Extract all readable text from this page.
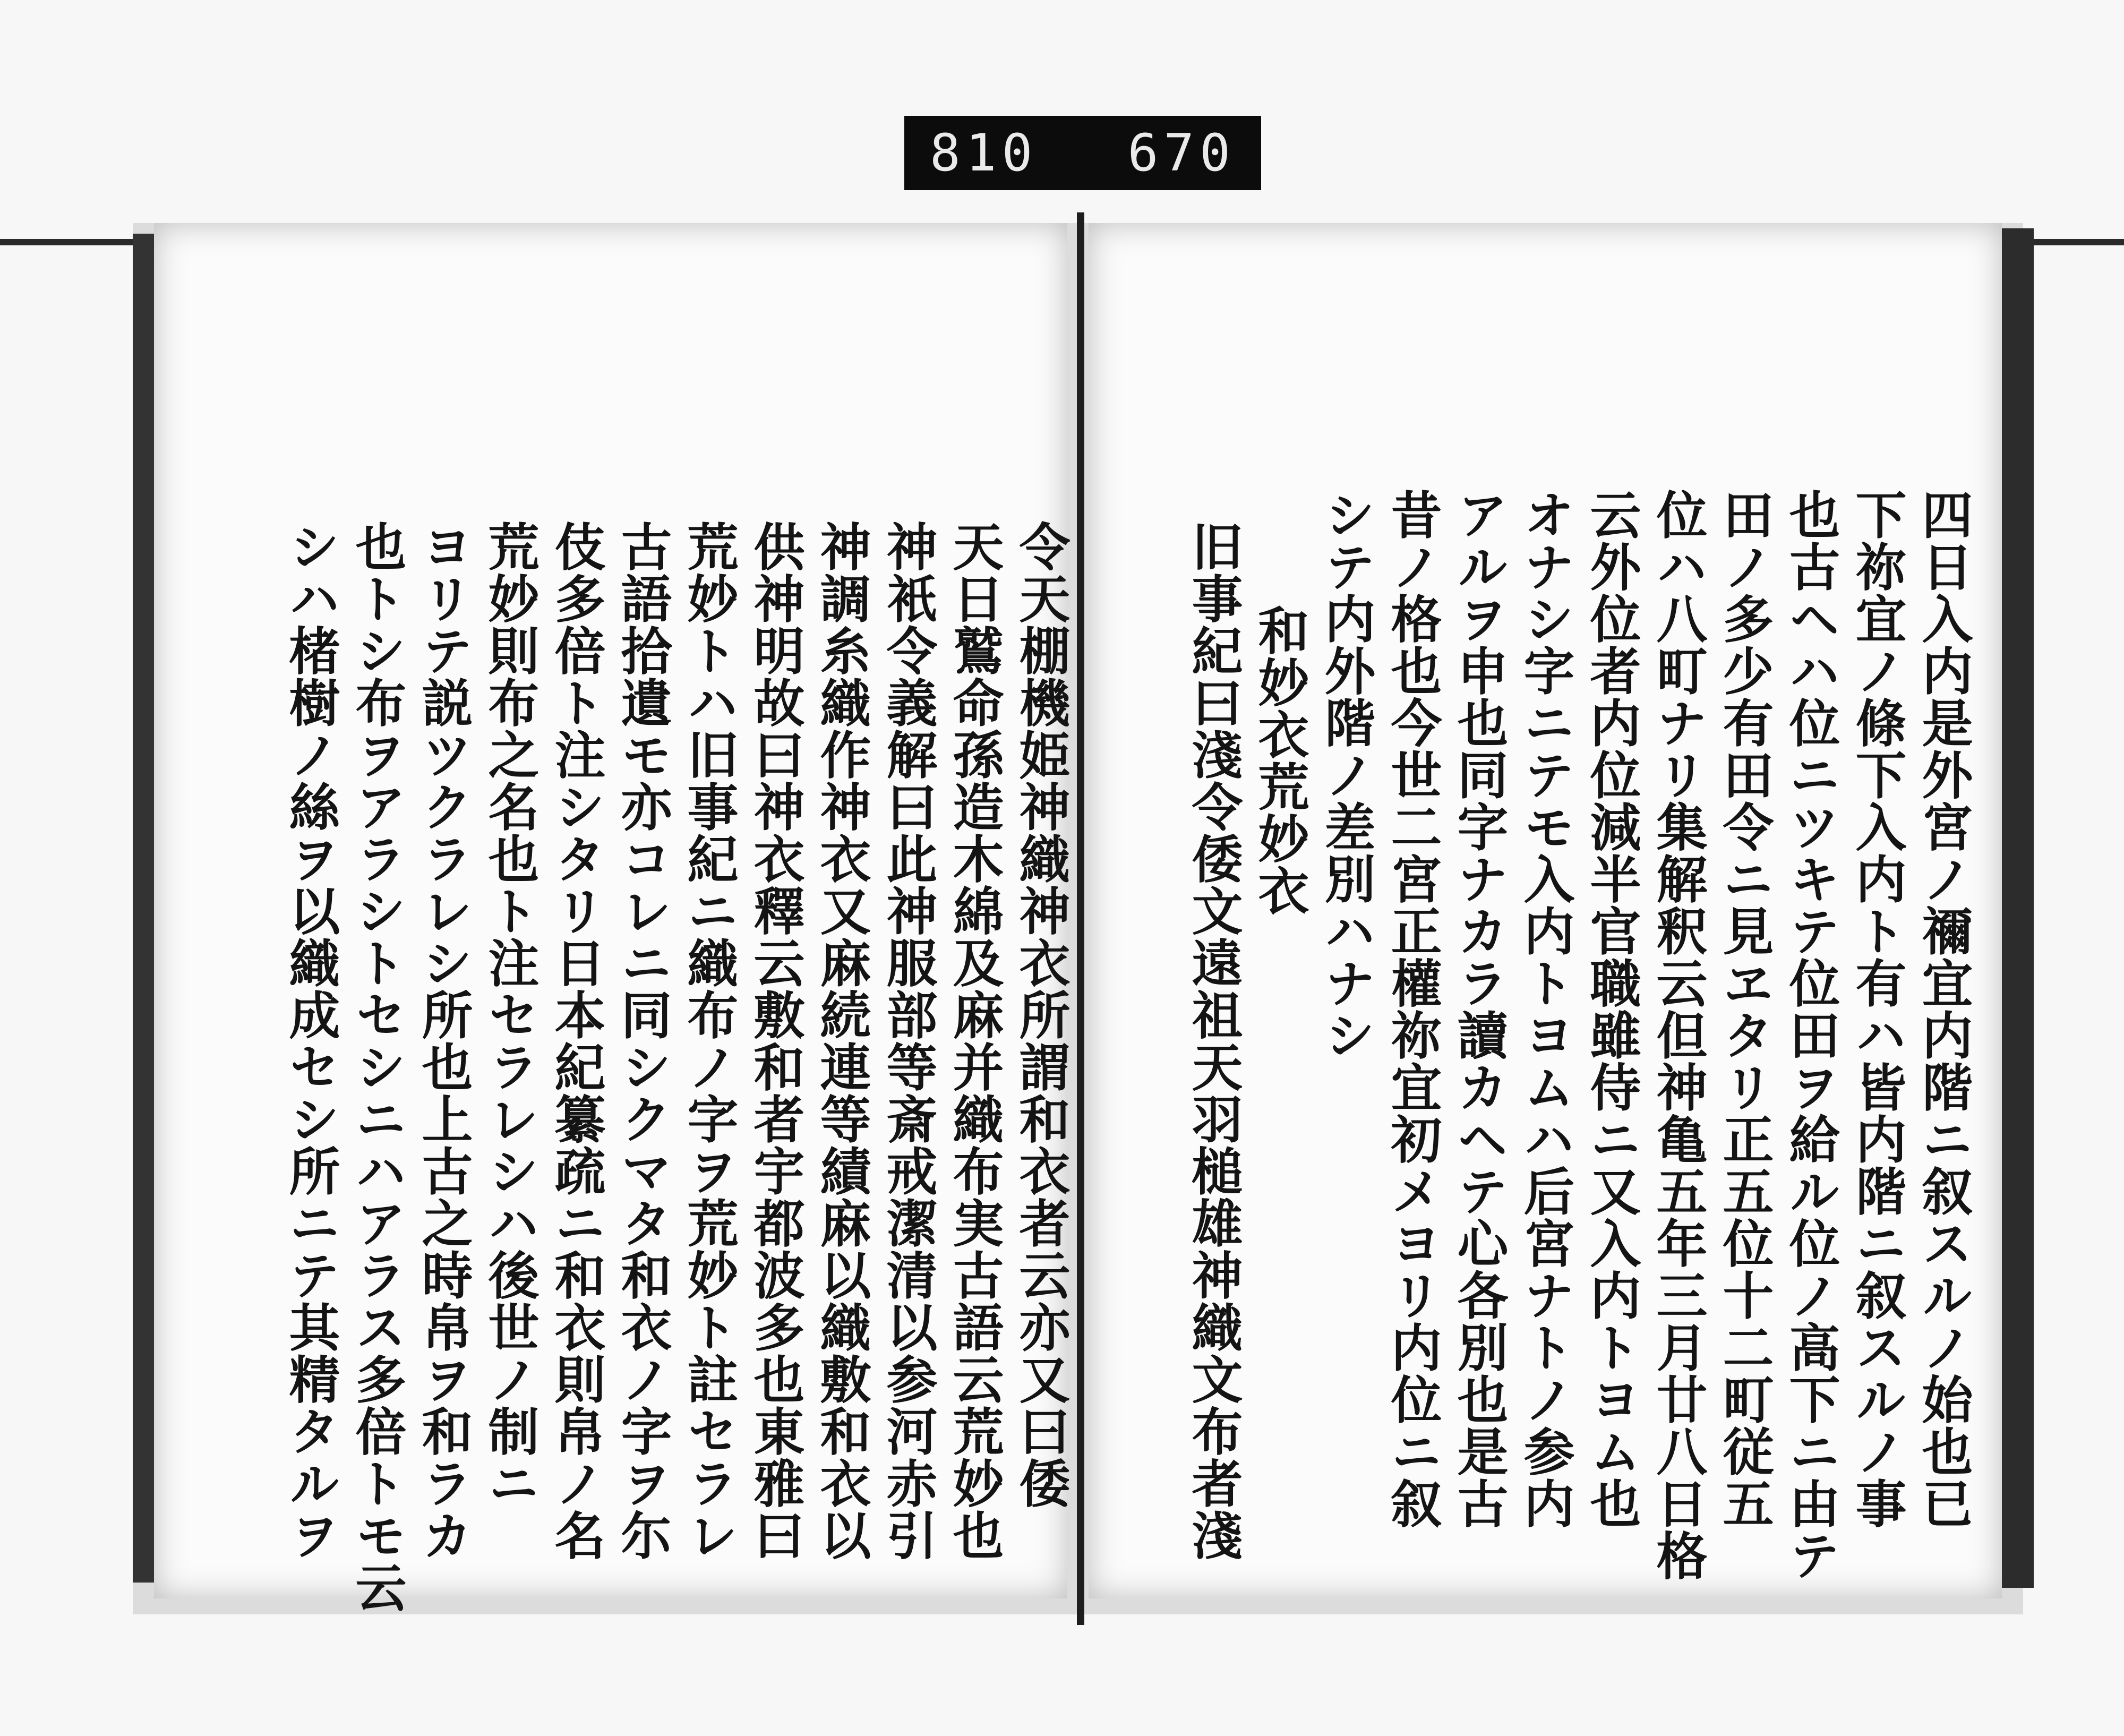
810 670
令天棚機姫神織神衣所謂和衣者云亦又曰倭
天日鷲命孫造木綿及麻并織布実古語云荒妙也
神衹令義解曰此神服部等斎戒潔清以参河赤引
神調糸織作神衣又麻続連等績麻以織敷和衣以
供神明故曰神衣釋云敷和者宇都波多也東雅曰
荒妙トハ旧事紀ニ織布ノ字ヲ荒妙ト註セラレ
古語拾遺モ亦コレニ同シクマタ和衣ノ字ヲ尓
伎多倍ト注シタリ日本紀纂疏ニ和衣則帛ノ名
荒妙則布之名也ト注セラレシハ後世ノ制ニ
ヨリテ説ツクラレシ所也上古之時帛ヲ和ラカ
也トシ布ヲアラシトセシニハアラス多倍トモ云
シハ楮樹ノ絲ヲ以織成セシ所ニテ其精タルヲ	四日入内是外宮ノ禰宜内階ニ叙スルノ始也已
下祢宜ノ條下入内ト有ハ皆内階ニ叙スルノ事
也古ヘハ位ニツキテ位田ヲ給ル位ノ高下ニ由テ
田ノ多少有田令ニ見ヱタリ正五位十二町従五
位ハ八町ナリ集解釈云但神亀五年三月廿八日格
云外位者内位減半官職雖侍ニ又入内トヨム也
オナシ字ニテモ入内トヨムハ后宮ナトノ参内
アルヲ申也同字ナカラ讀カヘテ心各別也是古
昔ノ格也今世二宮正權祢宜初メヨリ内位ニ叙
シテ内外階ノ差別ハナシ
　和妙衣荒妙衣
旧事紀曰淺令倭文遠祖天羽槌雄神織文布者淺
